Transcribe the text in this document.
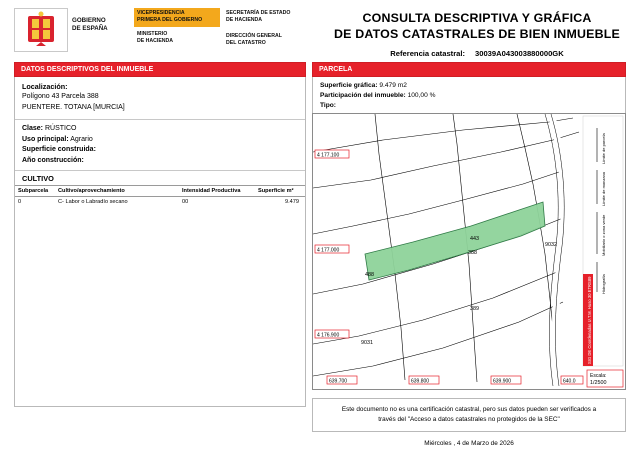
GOBIERNO
DE ESPAÑA
VICEPRESIDENCIA
PRIMERA DEL GOBIERNO
MINISTERIO
DE HACIENDA
SECRETARÍA DE ESTADO
DE HACIENDA
DIRECCIÓN GENERAL
DEL CATASTRO
CONSULTA DESCRIPTIVA Y GRÁFICA
DE DATOS CATASTRALES DE BIEN INMUEBLE
Referencia catastral: 30039A043003880000GK
DATOS DESCRIPTIVOS DEL INMUEBLE
Localización:
Polígono 43 Parcela 388
PUENTERE. TOTANA [MURCIA]
Clase: RÚSTICO
Uso principal: Agrario
Superficie construida:
Año construcción:
CULTIVO
Subparcela	Cultivo/aprovechamiento	Intensidad Productiva	Superficie m²
0	C- Labor o Labradío secano	00	9.479
PARCELA
Superficie gráfica: 9.479 m2
Participación del inmueble: 100,00 %
Tipo:
443
388
389
488
9031
9032
4 177.100
4 177.000
4 176.900
639.700	639.800	639.900	640.0
SIG DE Coordenadas U.T.M. Huso 30 ETRS89
Límite de parcela
Límite de manzana
Mobiliario o zona verde
Hidrografía
Escala:
1/2500
Este documento no es una certificación catastral, pero sus datos pueden ser verificados a
través del "Acceso a datos catastrales no protegidos de la SEC"
Miércoles , 4 de Marzo de 2026
